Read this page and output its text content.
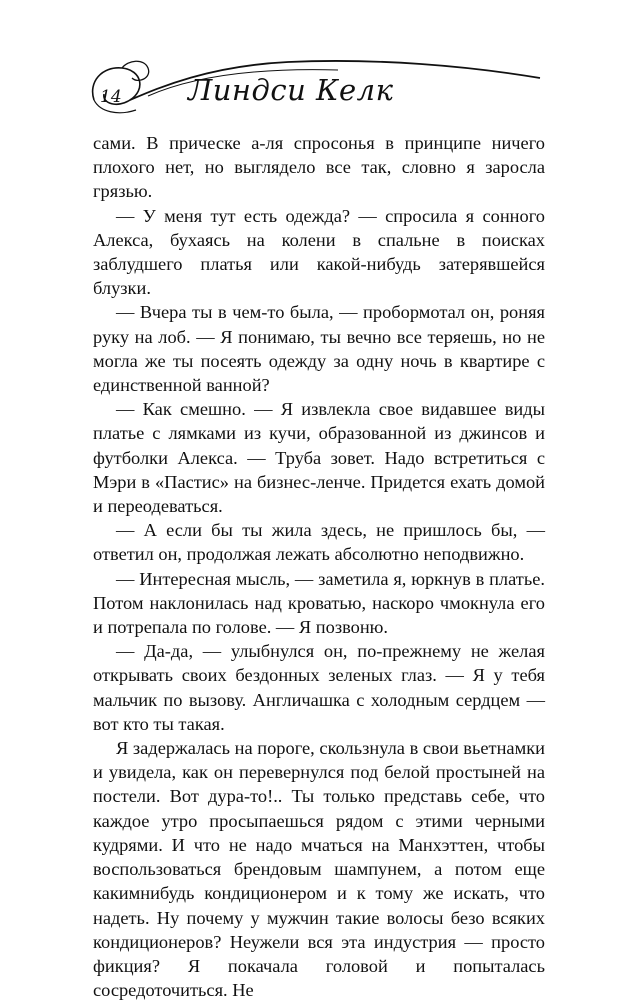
14 Линдси Келк

сами. В прическе а-ля спросонья в принципе ничего плохого нет, но выглядело все так, словно я заросла грязью.

— У меня тут есть одежда? — спросила я сонного Алекса, бухаясь на колени в спальне в поисках заблудшего платья или какой-нибудь затерявшейся блузки.

— Вчера ты в чем-то была, — пробормотал он, роняя руку на лоб. — Я понимаю, ты вечно все теряешь, но не могла же ты посеять одежду за одну ночь в квартире с единственной ванной?

— Как смешно. — Я извлекла свое видавшее виды платье с лямками из кучи, образованной из джинсов и футболки Алекса. — Труба зовет. Надо встретиться с Мэри в «Пастис» на бизнес-ленче. Придется ехать домой и переодеваться.

— А если бы ты жила здесь, не пришлось бы, — ответил он, продолжая лежать абсолютно неподвижно.

— Интересная мысль, — заметила я, юркнув в платье. Потом наклонилась над кроватью, наскоро чмокнула его и потрепала по голове. — Я позвоню.

— Да-да, — улыбнулся он, по-прежнему не желая открывать своих бездонных зеленых глаз. — Я у тебя мальчик по вызову. Англичашка с холодным сердцем — вот кто ты такая.

Я задержалась на пороге, скользнула в свои вьетнамки и увидела, как он перевернулся под белой простыней на постели. Вот дура-то!.. Ты только представь себе, что каждое утро просыпаешься рядом с этими черными кудрями. И что не надо мчаться на Манхэттен, чтобы воспользоваться брендовым шампунем, а потом еще какимнибудь кондиционером и к тому же искать, что надеть. Ну почему у мужчин такие волосы безо всяких кондиционеров? Неужели вся эта индустрия — просто фикция? Я покачала головой и попыталась сосредоточиться. Не
